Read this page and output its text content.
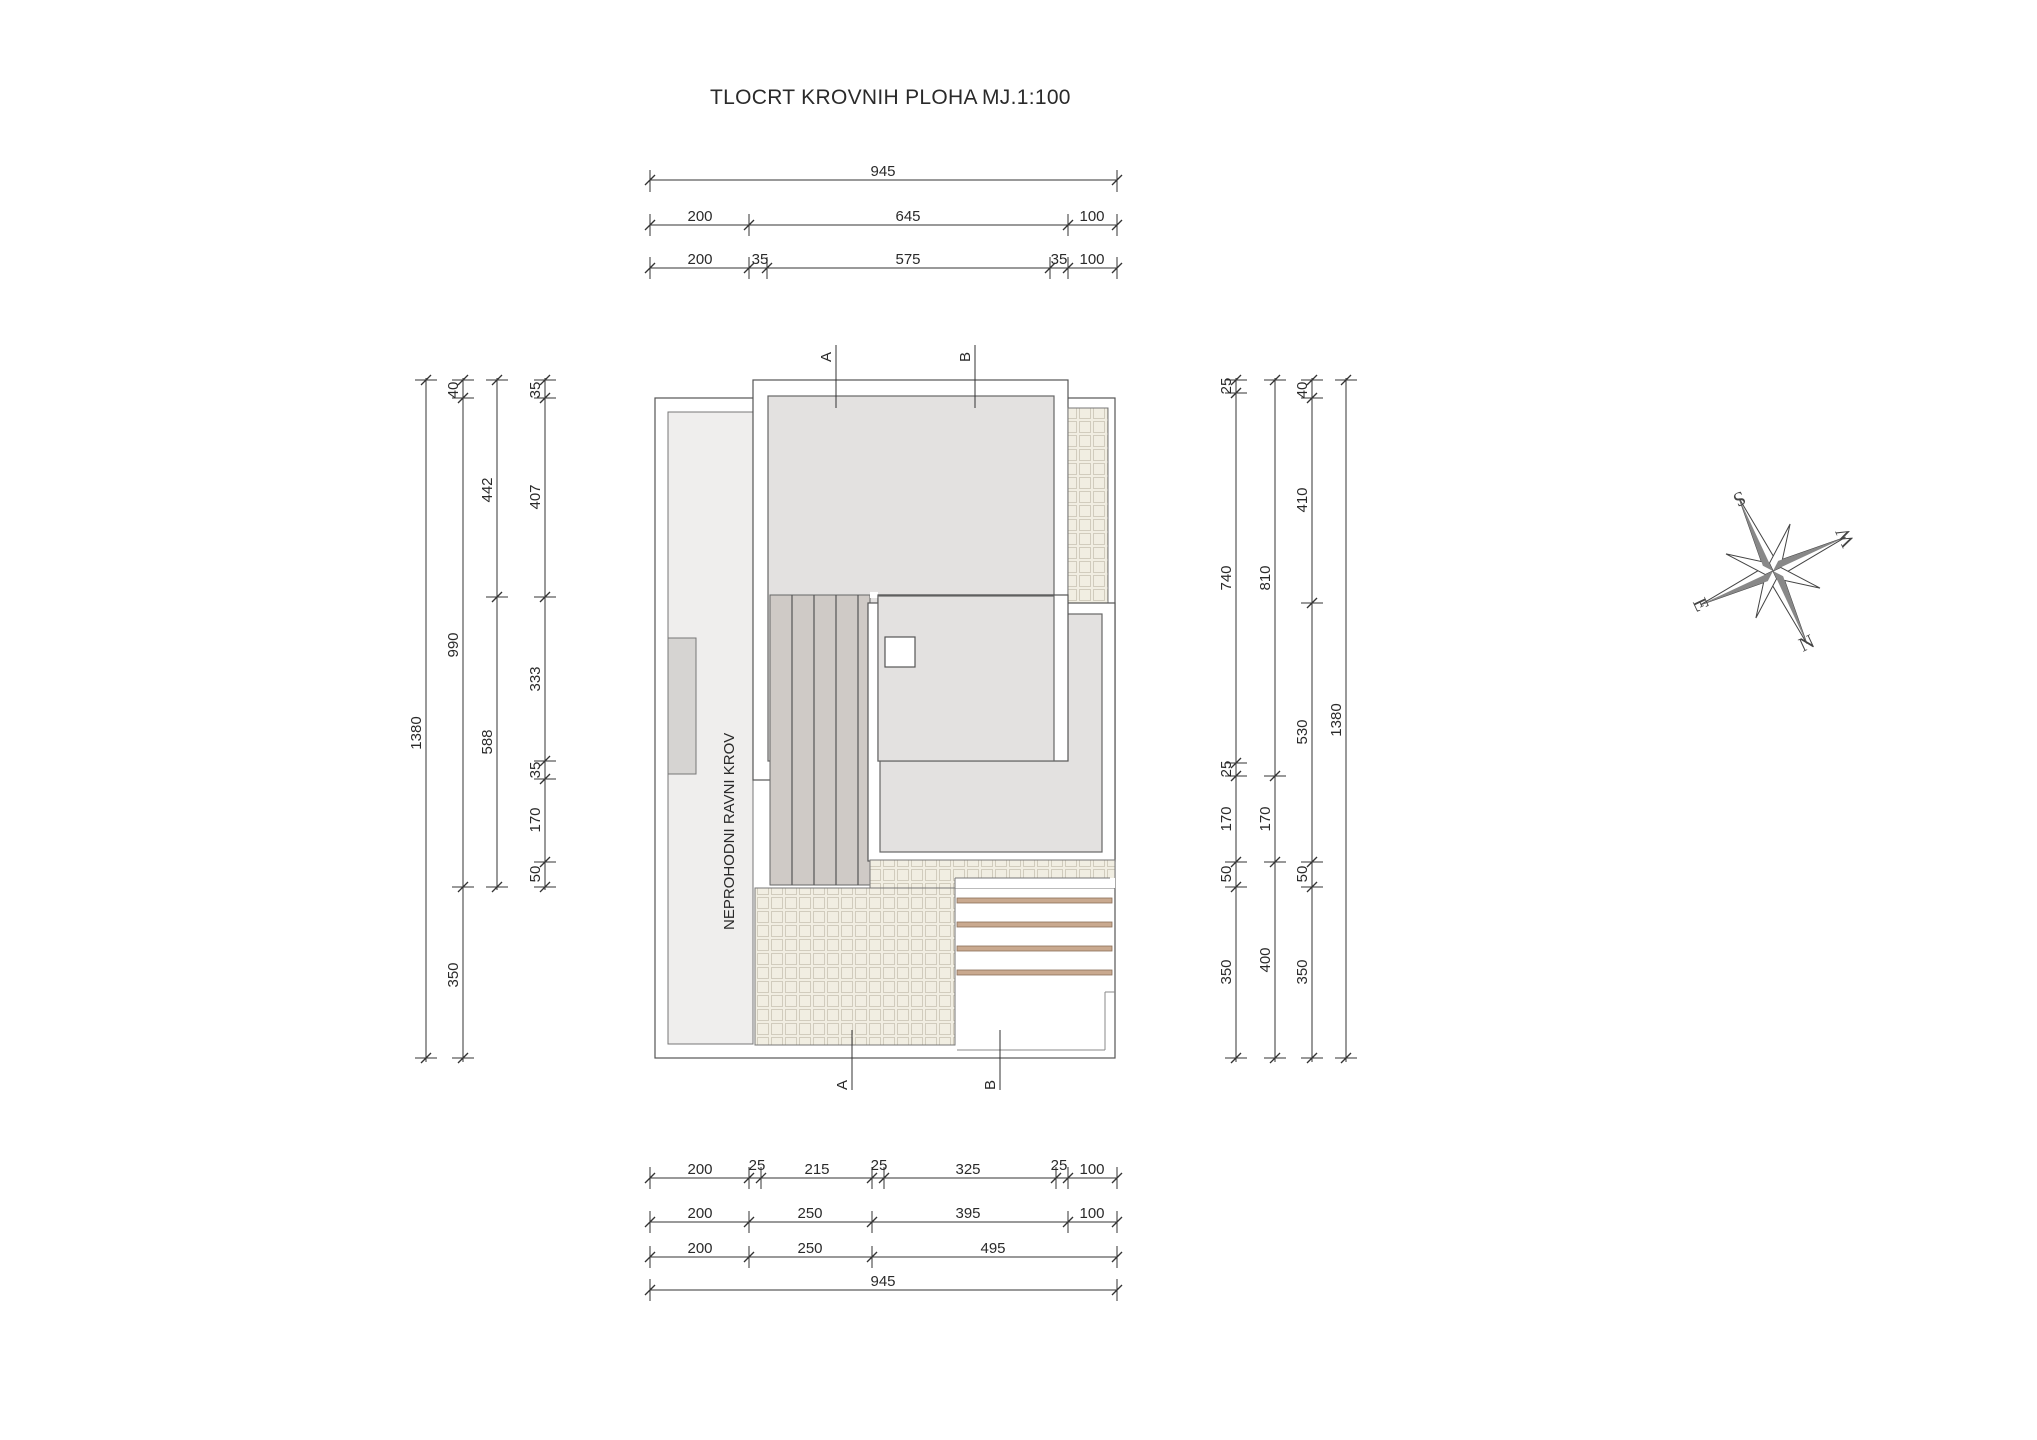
TLOCRT KROVNIH PLOHA MJ.1:100
945
200	645	100
200	35	575	35 100
NEPROHODNI RAVNI KROV
A	B
A	B
1380
40
990
350
442
588
35
407
333
35
170
50
25
740
25
170
50
350
810
170
400
40
410
530
50
350
1380
200 25	215	25	325	25 100
200	250	395	100
200	250	495
945
S
W
N
E
